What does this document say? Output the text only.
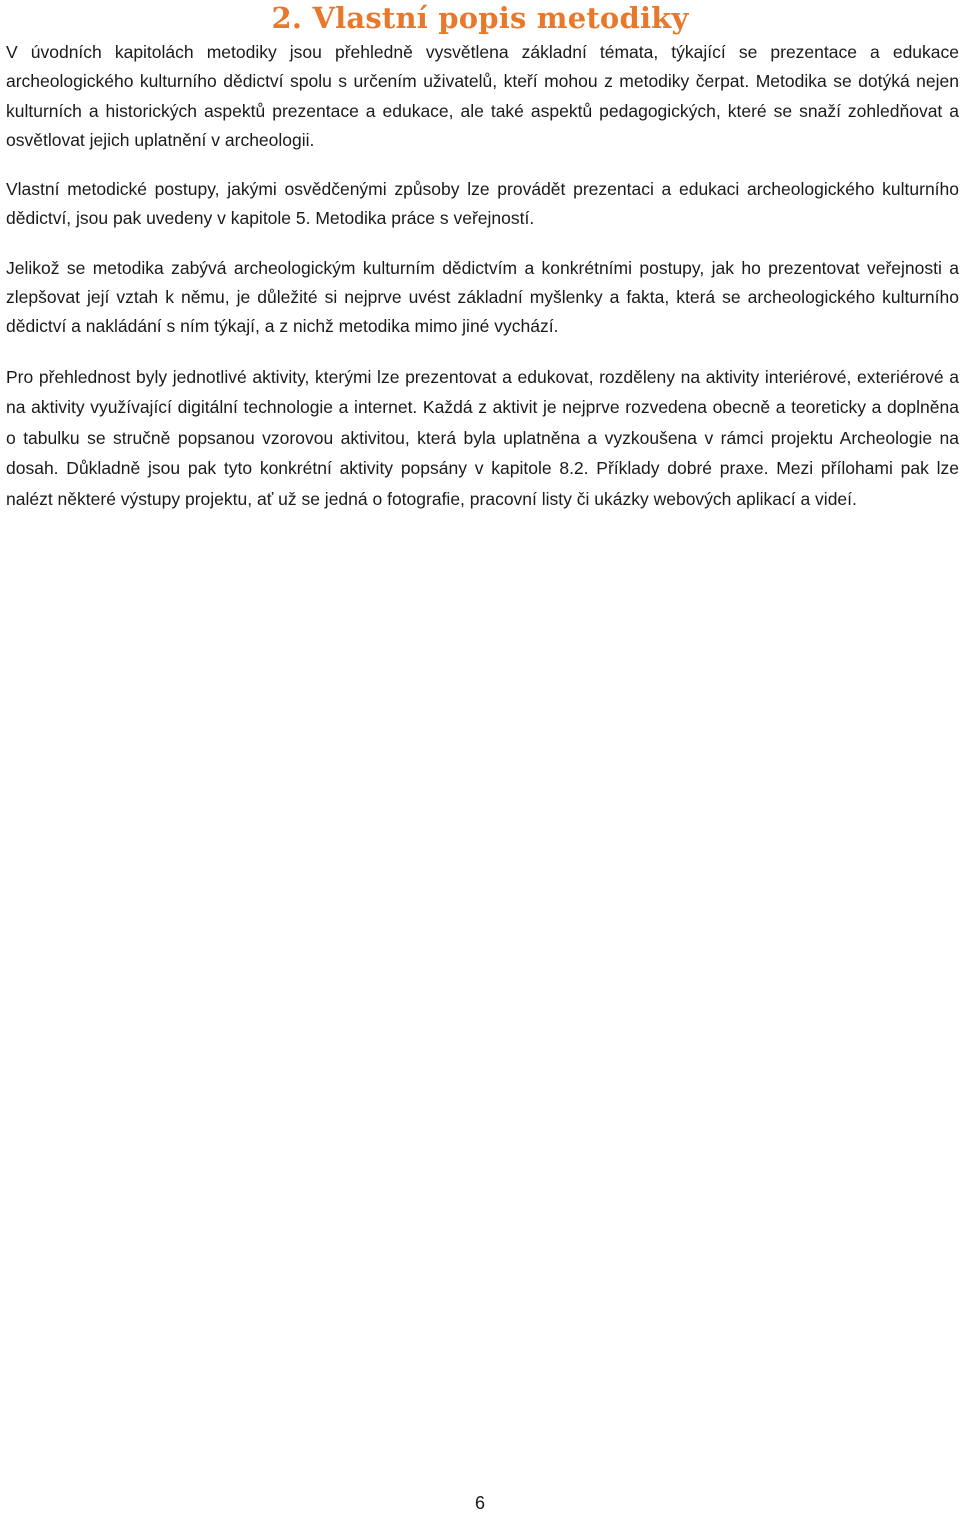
2. Vlastní popis metodiky

V úvodních kapitolách metodiky jsou přehledně vysvětlena základní témata, týkající se prezentace a edukace archeologického kulturního dědictví spolu s určením uživatelů, kteří mohou z metodiky čerpat. Metodika se dotýká nejen kulturních a historických aspektů prezentace a edukace, ale také aspektů pedagogických, které se snaží zohledňovat a osvětlovat jejich uplatnění v archeologii.

Vlastní metodické postupy, jakými osvědčenými způsoby lze provádět prezentaci a edukaci archeologického kulturního dědictví, jsou pak uvedeny v kapitole 5. Metodika práce s veřejností.

Jelikož se metodika zabývá archeologickým kulturním dědictvím a konkrétními postupy, jak ho prezentovat veřejnosti a zlepšovat její vztah k němu, je důležité si nejprve uvést základní myšlenky a fakta, která se archeologického kulturního dědictví a nakládání s ním týkají, a z nichž metodika mimo jiné vychází.

Pro přehlednost byly jednotlivé aktivity, kterými lze prezentovat a edukovat, rozděleny na aktivity interiérové, exteriérové a na aktivity využívající digitální technologie a internet. Každá z aktivit je nejprve rozvedena obecně a teoreticky a doplněna o tabulku se stručně popsanou vzorovou aktivitou, která byla uplatněna a vyzkoušena v rámci projektu Archeologie na dosah. Důkladně jsou pak tyto konkrétní aktivity popsány v kapitole 8.2. Příklady dobré praxe. Mezi přílohami pak lze nalézt některé výstupy projektu, ať už se jedná o fotografie, pracovní listy či ukázky webových aplikací a videí.

6
